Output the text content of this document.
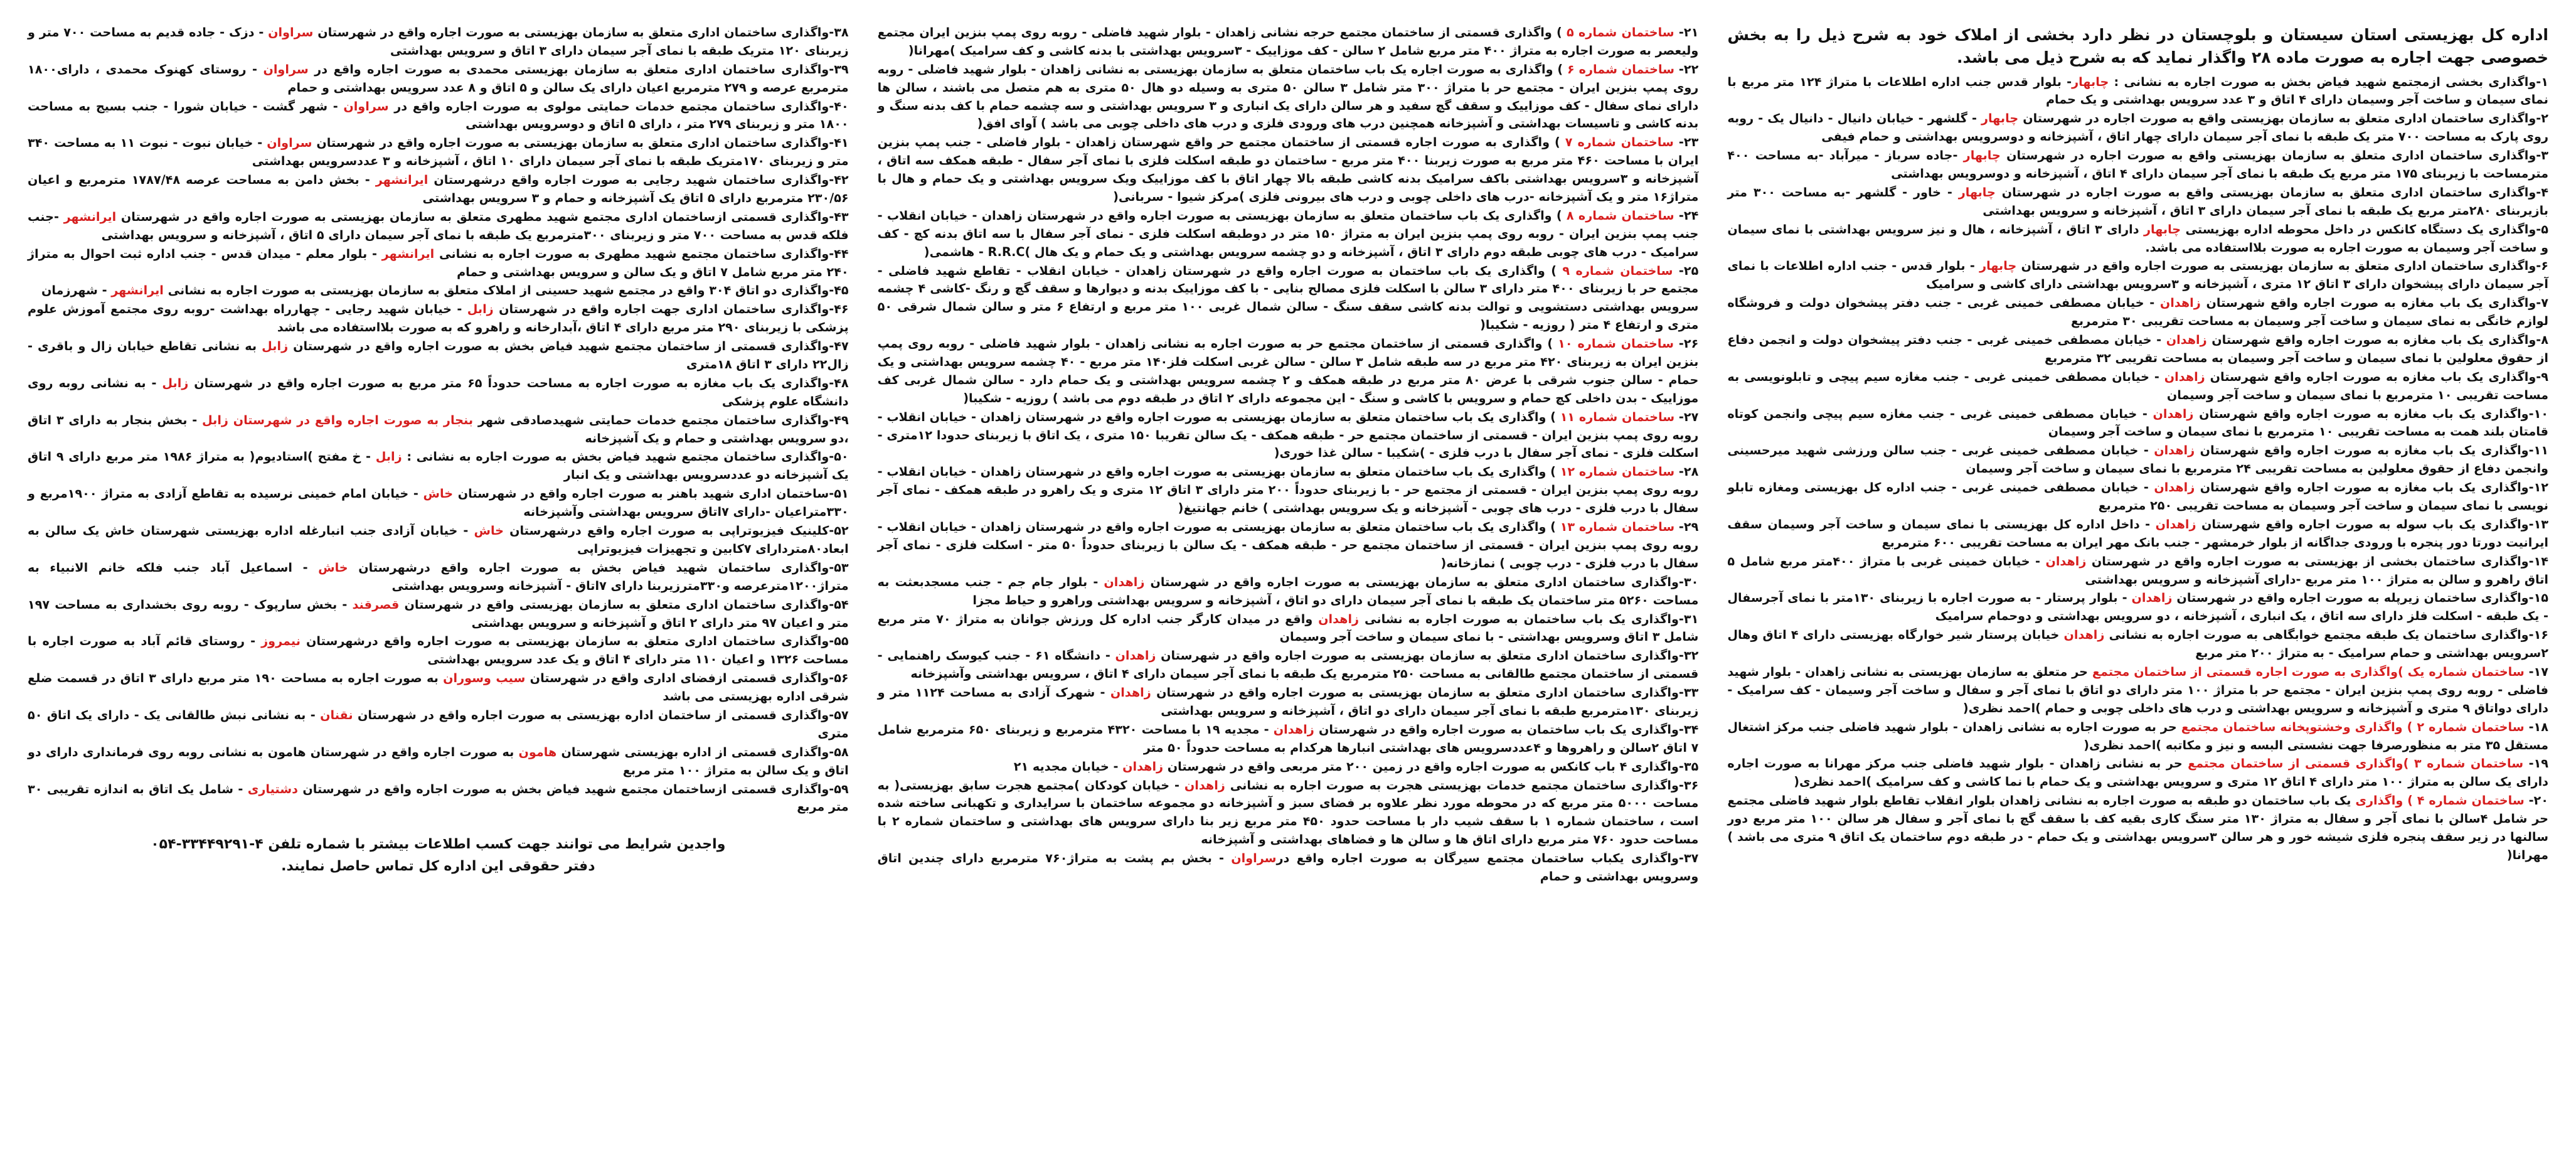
اداره کل بهزیستی استان سیستان و بلوچستان در نظر دارد بخشی از املاک خود به شرح ذیل را به بخش خصوصی جهت اجاره به صورت ماده ۲۸ واگذار نماید که به شرح ذیل می باشد.
۱-واگذاری بخشی ازمجتمع شهید فیاض بخش به صورت اجاره به نشانی : چابهار- بلوار قدس جنب اداره اطلاعات با متراژ ۱۲۴ متر مربع با نمای سیمان و ساخت آجر وسیمان دارای ۴ اتاق و ۳ عدد سرویس بهداشتی و یک حمام
۲-واگذاری ساختمان اداری متعلق به سازمان بهزیستی واقع به صورت اجاره در شهرستان چابهار - گلشهر - خیابان دانیال - دانیال یک - روبه روی پارک به مساحت ۷۰۰ متر یک طبقه با نمای آجر سیمان دارای چهار اتاق ، آشپزخانه و دوسرویس بهداشتی و حمام فیفی
۳-واگذاری ساختمان اداری متعلق به سازمان بهزیستی واقع به صورت اجاره در شهرستان چابهار -جاده سرباز - میرآباد -به مساحت ۴۰۰ مترمساحت با زیربنای ۱۷۵ متر مربع یک طبقه با نمای آجر سیمان دارای ۴ اتاق ، آشپزخانه و دوسرویس بهداشتی
۴-واگذاری ساختمان اداری متعلق به سازمان بهزیستی واقع به صورت اجاره در شهرستان چابهار - خاور - گلشهر -به مساحت ۳۰۰ متر بازیربنای ۲۸۰متر مربع یک طبقه با نمای آجر سیمان دارای ۳ اتاق ، آشپزخانه و سرویس بهداشتی
۵-واگذاری یک دستگاه کانکس در داخل محوطه اداره بهزیستی چابهار دارای ۳ اتاق ، آشپزخانه ، هال و نیز سرویس بهداشتی با نمای سیمان و ساخت آجر وسیمان به صورت اجاره به صورت بلااستفاده می باشد.
۶-واگذاری ساختمان اداری متعلق به سازمان بهزیستی به صورت اجاره واقع در شهرستان چابهار - بلوار قدس - جنب اداره اطلاعات با نمای آجر سیمان دارای پیشخوان دارای ۳ اتاق ۱۲ متری ، آشپزخانه و ۳سرویس بهداشتی دارای کاشی و سرامیک
۷-واگذاری یک باب مغازه به صورت اجاره واقع شهرستان زاهدان - خیابان مصطفی خمینی غربی - جنب دفتر پیشخوان دولت و فروشگاه لوازم خانگی به نمای سیمان و ساخت آجر وسیمان به مساحت تقریبی ۳۰ مترمربع
۸-واگذاری یک باب مغازه به صورت اجاره واقع شهرستان زاهدان - خیابان مصطفی خمینی غربی - جنب دفتر پیشخوان دولت و انجمن دفاع از حقوق معلولین با نمای سیمان و ساخت آجر وسیمان به مساحت تقریبی ۳۲ مترمربع
۹-واگذاری یک باب مغازه به صورت اجاره واقع شهرستان زاهدان - خیابان مصطفی خمینی غربی - جنب مغازه سیم پیچی و تابلونویسی به مساحت تقریبی ۱۰ مترمربع با نمای سیمان و ساخت آجر وسیمان
۱۰-واگذاری یک باب مغازه به صورت اجاره واقع شهرستان زاهدان - خیابان مصطفی خمینی غربی - جنب مغازه سیم پیچی وانجمن کوتاه قامتان بلند همت به مساحت تقریبی ۱۰ مترمربع با نمای سیمان و ساخت آجر وسیمان
۱۱-واگذاری یک باب مغازه به صورت اجاره واقع شهرستان زاهدان - خیابان مصطفی خمینی غربی - جنب سالن ورزشی شهید میرحسینی وانجمن دفاع از حقوق معلولین به مساحت تقریبی ۲۴ مترمربع با نمای سیمان و ساخت آجر وسیمان
۱۲-واگذاری یک باب مغازه به صورت اجاره واقع شهرستان زاهدان - خیابان مصطفی خمینی غربی - جنب اداره کل بهزیستی ومغازه تابلو نویسی با نمای سیمان و ساخت آجر وسیمان به مساحت تقریبی ۲۵۰ مترمربع
۱۳-واگذاری یک باب سوله به صورت اجاره واقع شهرستان زاهدان - داخل اداره کل بهزیستی با نمای سیمان و ساخت آجر وسیمان سقف ایرانیت دورتا دور پنجره با ورودی جداگانه از بلوار خرمشهر - جنب بانک مهر ایران به مساحت تقریبی ۶۰۰ مترمربع
۱۴-واگذاری ساختمان بخشی از بهزیستی به صورت اجاره واقع در شهرستان زاهدان - خیابان خمینی غربی با متراژ ۴۰۰متر مربع شامل ۵ اتاق راهرو و سالن به متراژ ۱۰۰ متر مربع -دارای آشپزخانه و سرویس بهداشتی
۱۵-واگذاری ساختمان زیرپله به صورت اجاره واقع در شهرستان زاهدان - بلوار پرستار - به صورت اجاره با زیربنای ۱۳۰متر با نمای آجرسفال - یک طبقه - اسکلت فلز دارای سه اتاق ، یک انباری ، آشپزخانه ، دو سرویس بهداشتی و دوحمام سرامیک
۱۶-واگذاری ساختمان یک طبقه مجتمع خوابگاهی به صورت اجاره به نشانی زاهدان خیابان پرستار شیر خوارگاه بهزیستی دارای ۴ اتاق وهال ۲سرویس بهداشتی و حمام سرامیک - به متراژ ۲۰۰ متر مربع
۱۷- ساختمان شماره یک )واگذاری به صورت اجاره قسمتی از ساختمان مجتمع حر متعلق به سازمان بهزیستی به نشانی زاهدان - بلوار شهید فاضلی - روبه روی پمپ بنزین ایران - مجتمع حر با متراژ ۱۰۰ متر دارای دو اتاق با نمای آجر و سفال و ساخت آجر وسیمان - کف سرامیک - دارای دواتاق ۹ متری و آشپزخانه و سرویس بهداشتی و درب های داخلی چوبی و حمام )احمد نظری(
۱۸- ساختمان شماره ۲ ) واگذاری وخشتوپخانه ساختمان مجتمع حر به صورت اجاره به نشانی زاهدان - بلوار شهید فاضلی جنب مرکز اشتغال مستقل ۳۵ متر به منظورصرفا جهت نشستی البسه و نیز و مکاتبه )احمد نظری(
۱۹- ساختمان شماره ۳ )واگذاری قسمتی از ساختمان مجتمع حر به نشانی زاهدان - بلوار شهید فاضلی جنب مرکز مهرانا به صورت اجاره دارای یک سالن به متراژ ۱۰۰ متر دارای ۴ اتاق ۱۲ متری و سرویس بهداشتی و یک حمام با نما کاشی و کف سرامیک )احمد نظری(
۲۰- ساختمان شماره ۴ ) واگذاری یک باب ساختمان دو طبقه به صورت اجاره به نشانی زاهدان بلوار انقلاب تقاطع بلوار شهید فاضلی مجتمع حر شامل ۴سالن با نمای آجر و سفال به متراژ ۱۳۰ متر سنگ کاری بقیه کف با سقف گچ با نمای آجر و سفال هر سالن ۱۰۰ متر مربع دور سالنها در زیر سقف پنجره فلزی شیشه خور و هر سالن ۳سرویس بهداشتی و یک حمام - در طبقه دوم ساختمان یک اتاق ۹ متری می باشد ) مهرانا(
۲۱- ساختمان شماره ۵ ) واگذاری قسمتی از ساختمان مجتمع حرجه نشانی زاهدان - بلوار شهید فاضلی - روبه روی پمپ بنزین ایران مجتمع ولیعصر به صورت اجاره به متراژ ۴۰۰ متر مربع شامل ۲ سالن - کف موزاییک - ۳سرویس بهداشتی با بدنه کاشی و کف سرامیک )مهرانا(
۲۲- ساختمان شماره ۶ ) واگذاری به صورت اجاره یک باب ساختمان متعلق به سازمان بهزیستی به نشانی زاهدان - بلوار شهید فاضلی - روبه روی پمپ بنزین ایران - مجتمع حر با متراژ ۳۰۰ متر شامل ۳ سالن ۵۰ متری به وسیله دو هال ۵۰ متری به هم متصل می باشند ، سالن ها دارای نمای سفال - کف موزاییک و سقف گچ سفید و هر سالن دارای یک انباری و ۳ سرویس بهداشتی و سه چشمه حمام با کف بدنه سنگ و بدنه کاشی و تاسیسات بهداشتی و آشپزخانه همچنین درب های ورودی فلزی و درب های داخلی چوبی می باشد ) آوای افق(
۲۳- ساختمان شماره ۷ ) واگذاری به صورت اجاره قسمتی از ساختمان مجتمع حر واقع شهرستان زاهدان - بلوار فاضلی - جنب پمپ بنزین ایران با مساحت ۴۶۰ متر مربع به صورت زیربنا ۴۰۰ متر مربع - ساختمان دو طبقه اسکلت فلزی با نمای آجر سفال - طبقه همکف سه اتاق ، آشپزخانه و ۳سرویس بهداشتی باکف سرامیک بدنه کاشی طبقه بالا چهار اتاق با کف موزاییک ویک سرویس بهداشتی و یک حمام و هال با متراژ۱۶ متر و یک آشپزخانه -درب های داخلی چوبی و درب های بیرونی فلزی )مرکز شیوا - سربانی(
۲۴- ساختمان شماره ۸ ) واگذاری یک باب ساختمان متعلق به سازمان بهزیستی به صورت اجاره واقع در شهرستان زاهدان - خیابان انقلاب - جنب پمپ بنزین ایران - روبه روی پمپ بنزین ایران به متراژ ۱۵۰ متر در دوطبقه اسکلت فلزی - نمای آجر سفال با سه اتاق بدنه کچ - کف سرامیک - درب های چوبی طبقه دوم دارای ۳ اتاق ، آشپزخانه و دو چشمه سرویس بهداشتی و یک حمام و یک هال )R.R.C - هاشمی(
۲۵- ساختمان شماره ۹ ) واگذاری یک باب ساختمان به صورت اجاره واقع در شهرستان زاهدان - خیابان انقلاب - تقاطع شهید فاضلی - مجتمع حر با زیربنای ۴۰۰ متر دارای ۳ سالن با اسکلت فلزی مصالح بنایی - با کف موزاییک بدنه و دیوارها و سقف گچ و رنگ -کاشی ۴ چشمه سرویس بهداشتی دستشویی و توالت بدنه کاشی سقف سنگ - سالن شمال غربی ۱۰۰ متر مربع و ارتفاع ۶ متر و سالن شمال شرقی ۵۰ متری و ارتفاع ۴ متر ( روزیه - شکیبا(
۲۶- ساختمان شماره ۱۰ ) واگذاری قسمتی از ساختمان مجتمع حر به صورت اجاره به نشانی زاهدان - بلوار شهید فاضلی - روبه روی پمپ بنزین ایران به زیربنای ۴۲۰ متر مربع در سه طبقه شامل ۳ سالن - سالن غربی اسکلت فلز۱۴۰ متر مربع - ۴۰ چشمه سرویس بهداشتی و یک حمام - سالن جنوب شرقی با عرض ۸۰ متر مربع در طبقه همکف و ۲ چشمه سرویس بهداشتی و یک حمام دارد - سالن شمال غربی کف موزاییک - بدن داخلی کچ حمام و سرویس با کاشی و سنگ - این مجموعه دارای ۲ اتاق در طبقه دوم می باشد ) روزیه - شکیبا(
۲۷- ساختمان شماره ۱۱ ) واگذاری یک باب ساختمان متعلق به سازمان بهزیستی به صورت اجاره واقع در شهرستان زاهدان - خیابان انقلاب - روبه روی پمپ بنزین ایران - قسمتی از ساختمان مجتمع حر - طبقه همکف - یک سالن تقریبا ۱۵۰ متری ، یک اتاق با زیربنای حدودا ۱۲متری - اسکلت فلزی - نمای آجر سفال با درب فلزی - )شکیبا - سالن غذا خوری(
۲۸- ساختمان شماره ۱۲ ) واگذاری یک باب ساختمان متعلق به سازمان بهزیستی به صورت اجاره واقع در شهرستان زاهدان - خیابان انقلاب - روبه روی پمپ بنزین ایران - قسمتی از مجتمع حر - با زیربنای حدوداً ۲۰۰ متر دارای ۳ اتاق ۱۲ متری و یک راهرو در طبقه همکف - نمای آجر سفال با درب فلزی - درب های چوبی - آشپزخانه و یک سرویس بهداشتی ) خانم جهانتیغ(
۲۹- ساختمان شماره ۱۳ ) واگذاری یک باب ساختمان متعلق به سازمان بهزیستی به صورت اجاره واقع در شهرستان زاهدان - خیابان انقلاب - روبه روی پمپ بنزین ایران - قسمتی از ساختمان مجتمع حر - طبقه همکف - یک سالن با زیربنای حدوداً ۵۰ متر - اسکلت فلزی - نمای آجر سفال با درب فلزی - درب چوبی ) نمازخانه(
۳۰-واگذاری ساختمان اداری متعلق به سازمان بهزیستی به صورت اجاره واقع در شهرستان زاهدان - بلوار جام جم - جنب مسجدبعثت به مساحت ۵۲۶۰ متر ساختمان یک طبقه با نمای آجر سیمان دارای دو اتاق ، آشپزخانه و سرویس بهداشتی وراهرو و حیاط مجزا
۳۱-واگذاری یک باب ساختمان به صورت اجاره به نشانی زاهدان واقع در میدان کارگر جنب اداره کل ورزش جوانان به متراژ ۷۰ متر مربع شامل ۳ اتاق وسرویس بهداشتی - با نمای سیمان و ساخت آجر وسیمان
۳۲-واگذاری ساختمان اداری متعلق به سازمان بهزیستی به صورت اجاره واقع در شهرستان زاهدان - دانشگاه ۶۱ - جنب کیوسک راهنمایی - قسمتی از ساختمان مجتمع طالقانی به مساحت ۲۵۰ مترمربع یک طبقه با نمای آجر سیمان دارای ۴ اتاق ، سرویس بهداشتی وآشپزخانه
۳۳-واگذاری ساختمان اداری متعلق به سازمان بهزیستی به صورت اجاره واقع در شهرستان زاهدان - شهرک آزادی به مساحت ۱۱۲۴ متر و زیربنای ۱۳۰مترمربع طبقه با نمای آجر سیمان دارای دو اتاق ، آشپزخانه و سرویس بهداشتی
۳۴-واگذاری یک باب ساختمان به صورت اجاره واقع در شهرستان زاهدان - مجدیه ۱۹ با مساحت ۴۳۲۰ مترمربع و زیربنای ۶۵۰ مترمربع شامل ۷ اتاق ۲سالن و راهروها و ۴عددسرویس های بهداشتی انبارها هرکدام به مساحت حدوداً ۵۰ متر
۳۵-واگذاری ۴ باب کانکس به صورت اجاره واقع در زمین ۲۰۰ متر مربعی واقع در شهرستان زاهدان - خیابان مجدیه ۲۱
۳۶-واگذاری ساختمان مجتمع خدمات بهزیستی هجرت به صورت اجاره به نشانی زاهدان - خیابان کودکان )مجتمع هجرت سابق بهزیستی( به مساحت ۵۰۰۰ متر مربع که در محوطه مورد نظر علاوه بر فضای سبز و آشپزخانه دو مجموعه ساختمان با سرایداری و تکهبانی ساخته شده است ، ساختمان شماره ۱ با سقف شیب دار با مساحت حدود ۴۵۰ متر مربع زیر بنا دارای سرویس های بهداشتی و ساختمان شماره ۲ با مساحت حدود ۷۶۰ متر مربع دارای اتاق ها و سالن ها و فضاهای بهداشتی و آشپزخانه
۳۷-واگذاری یکباب ساختمان مجتمع سیرگان به صورت اجاره واقع درسراوان - بخش بم پشت به متراژ۷۶۰ مترمربع دارای چندین اتاق وسرویس بهداشتی و حمام
۳۸-واگذاری ساختمان اداری متعلق به سازمان بهزیستی به صورت اجاره واقع در شهرستان سراوان - دزک - جاده قدیم به مساحت ۷۰۰ متر و زیربنای ۱۲۰ متریک طبقه با نمای آجر سیمان دارای ۳ اتاق و سرویس بهداشتی
۳۹-واگذاری ساختمان اداری متعلق به سازمان بهزیستی محمدی به صورت اجاره واقع در سراوان - روستای کهنوک محمدی ، دارای۱۸۰۰ مترمربع عرصه و ۲۷۹ مترمربع اعیان دارای یک سالن و ۵ اتاق و ۸ عدد سرویس بهداشتی و حمام
۴۰-واگذاری ساختمان مجتمع خدمات حمایتی مولوی به صورت اجاره واقع در سراوان - شهر گشت - خیابان شورا - جنب بسیج به مساحت ۱۸۰۰ متر و زیربنای ۲۷۹ متر ، دارای ۵ اتاق و دوسرویس بهداشتی
۴۱-واگذاری ساختمان اداری متعلق به سازمان بهزیستی به صورت اجاره واقع در شهرستان سراوان - خیابان نبوت - نبوت ۱۱ به مساحت ۳۴۰ متر و زیربنای ۱۷۰متریک طبقه با نمای آجر سیمان دارای ۱۰ اتاق ، آشپزخانه و ۳ عددسرویس بهداشتی
۴۲-واگذاری ساختمان شهید رجایی به صورت اجاره واقع درشهرستان ایرانشهر - بخش دامن به مساحت عرصه ۱۷۸۷/۴۸ مترمربع و اعیان ۲۳۰/۵۶ مترمربع دارای ۵ اتاق یک آشپزخانه و حمام و ۳ سرویس بهداشتی
۴۳-واگذاری قسمتی ازساختمان اداری مجتمع شهید مطهری متعلق به سازمان بهزیستی به صورت اجاره واقع در شهرستان ایرانشهر -جنب فلکه قدس به مساحت ۷۰۰ متر و زیربنای ۳۰۰مترمربع یک طبقه با نمای آجر سیمان دارای ۵ اتاق ، آشپزخانه و سرویس بهداشتی
۴۴-واگذاری ساختمان مجتمع شهید مطهری به صورت اجاره به نشانی ایرانشهر - بلوار معلم - میدان قدس - جنب اداره ثبت احوال به متراژ ۲۴۰ متر مربع شامل ۷ اتاق و یک سالن و سرویس بهداشتی و حمام
۴۵-واگذاری دو اتاق ۳۰۴ واقع در مجتمع شهید حسینی از املاک متعلق به سازمان بهزیستی به صورت اجاره به نشانی ایرانشهر - شهرزمان
۴۶-واگذاری ساختمان اداری جهت اجاره واقع در شهرستان زابل - خیابان شهید رجایی - چهارراه بهداشت -روبه روی مجتمع آموزش علوم پزشکی با زیربنای ۲۹۰ متر مربع دارای ۴ اتاق ،آبدارخانه و راهرو که به صورت بلااستفاده می باشد
۴۷-واگذاری قسمتی از ساختمان مجتمع شهید فیاض بخش به صورت اجاره واقع در شهرستان زابل به نشانی تقاطع خیابان زال و باقری - زال۲۲ دارای ۳ اتاق ۱۸متری
۴۸-واگذاری یک باب مغازه به صورت اجاره به مساحت حدوداً ۶۵ متر مربع به صورت اجاره واقع در شهرستان زابل - به نشانی روبه روی دانشگاه علوم پزشکی
۴۹-واگذاری ساختمان مجتمع خدمات حمایتی شهیدصادقی شهر بنجار به صورت اجاره واقع در شهرستان زابل - بخش بنجار به دارای ۳ اتاق ،دو سرویس بهداشتی و حمام و یک آشپزخانه
۵۰-واگذاری ساختمان مجتمع شهید فیاض بخش به صورت اجاره به نشانی : زابل - خ مفتح )استادیوم( به متراژ ۱۹۸۶ متر مربع دارای ۹ اتاق یک آشپزخانه دو عددسرویس بهداشتی و یک انبار
۵۱-ساختمان اداری شهید باهنر به صورت اجاره واقع در شهرستان خاش - خیابان امام خمینی نرسیده به تقاطع آزادی به متراژ ۱۹۰۰مربع و ۳۳۰متراعیان -دارای ۷اتاق سرویس بهداشتی وآشپزخانه
۵۲-کلینیک فیزیوتراپی به صورت اجاره واقع درشهرستان خاش - خیابان آزادی جنب انبارغله اداره بهزیستی شهرستان خاش یک سالن به ابعاد۸۰متردارای ۷کابین و تجهیزات فیزیوتراپی
۵۳-واگذاری ساختمان شهید فیاض بخش به صورت اجاره واقع درشهرستان خاش - اسماعیل آباد جنب فلکه خانم الانبیاء به متراژ۱۲۰۰مترعرصه و۳۳۰مترزیربنا دارای ۷اتاق - آشپزخانه وسرویس بهداشتی
۵۴-واگذاری ساختمان اداری متعلق به سازمان بهزیستی واقع در شهرستان قصرقند - بخش سارپوک - روبه روی بخشداری به مساحت ۱۹۷ متر و اعیان ۹۷ متر دارای ۲ اتاق و آشپزخانه و سرویس بهداشتی
۵۵-واگذاری ساختمان اداری متعلق به سازمان بهزیستی به صورت اجاره واقع درشهرستان نیمروز - روستای قائم آباد به صورت اجاره با مساحت ۱۳۲۶ و اعیان ۱۱۰ متر دارای ۴ اتاق و یک عدد سرویس بهداشتی
۵۶-واگذاری قسمتی ازفضای اداری واقع در شهرستان سیب وسوران به صورت اجاره به مساحت ۱۹۰ متر مربع دارای ۳ اتاق در قسمت ضلع شرقی اداره بهزیستی می باشد
۵۷-واگذاری قسمتی از ساختمان اداره بهزیستی به صورت اجاره واقع در شهرستان نقنان - به نشانی نبش طالقانی یک - دارای یک اتاق ۵۰ متری
۵۸-واگذاری قسمتی از اداره بهزیستی شهرستان هامون به صورت اجاره واقع در شهرستان هامون به نشانی روبه روی فرمانداری دارای دو اتاق و یک سالن به متراژ ۱۰۰ متر مربع
۵۹-واگذاری قسمتی ازساختمان مجتمع شهید فیاض بخش به صورت اجاره واقع در شهرستان دشتیاری - شامل یک اتاق به اندازه تقریبی ۳۰ متر مربع
واجدین شرایط می توانند جهت کسب اطلاعات بیشتر با شماره تلفن ۴-۳۳۴۴۹۲۹۱-۰۵۴
دفتر حقوقی این اداره کل تماس حاصل نمایند.
